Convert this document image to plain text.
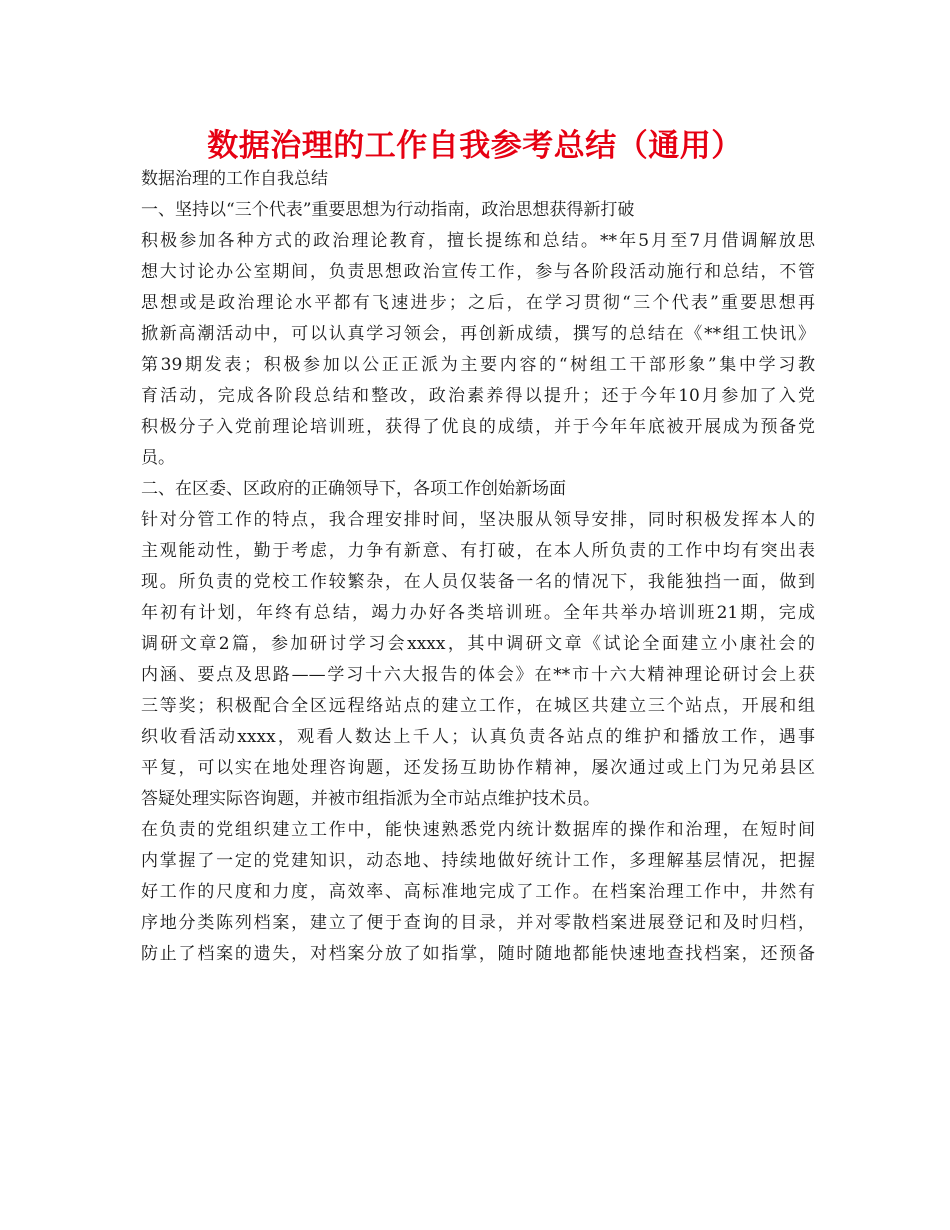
数据治理的工作自我参考总结（通用）
数据治理的工作自我总结
一、坚持以“三个代表”重要思想为行动指南，政治思想获得新打破
积极参加各种方式的政治理论教育，擅长提练和总结。**年5月至7月借调解放思
想大讨论办公室期间，负责思想政治宣传工作，参与各阶段活动施行和总结，不管
思想或是政治理论水平都有飞速进步；之后，在学习贯彻“三个代表”重要思想再
掀新高潮活动中，可以认真学习领会，再创新成绩，撰写的总结在《**组工快讯》
第39期发表；积极参加以公正正派为主要内容的“树组工干部形象”集中学习教
育活动，完成各阶段总结和整改，政治素养得以提升；还于今年10月参加了入党
积极分子入党前理论培训班，获得了优良的成绩，并于今年年底被开展成为预备党
员。
二、在区委、区政府的正确领导下，各项工作创始新场面
针对分管工作的特点，我合理安排时间，坚决服从领导安排，同时积极发挥本人的
主观能动性，勤于考虑，力争有新意、有打破，在本人所负责的工作中均有突出表
现。所负责的党校工作较繁杂，在人员仅装备一名的情况下，我能独挡一面，做到
年初有计划，年终有总结，竭力办好各类培训班。全年共举办培训班21期，完成
调研文章2篇，参加研讨学习会xxxx，其中调研文章《试论全面建立小康社会的
内涵、要点及思路——学习十六大报告的体会》在**市十六大精神理论研讨会上获
三等奖；积极配合全区远程络站点的建立工作，在城区共建立三个站点，开展和组
织收看活动xxxx，观看人数达上千人；认真负责各站点的维护和播放工作，遇事
平复，可以实在地处理咨询题，还发扬互助协作精神，屡次通过或上门为兄弟县区
答疑处理实际咨询题，并被市组指派为全市站点维护技术员。
在负责的党组织建立工作中，能快速熟悉党内统计数据库的操作和治理，在短时间
内掌握了一定的党建知识，动态地、持续地做好统计工作，多理解基层情况，把握
好工作的尺度和力度，高效率、高标准地完成了工作。在档案治理工作中，井然有
序地分类陈列档案，建立了便于查询的目录，并对零散档案进展登记和及时归档，
防止了档案的遗失，对档案分放了如指掌，随时随地都能快速地查找档案，还预备
